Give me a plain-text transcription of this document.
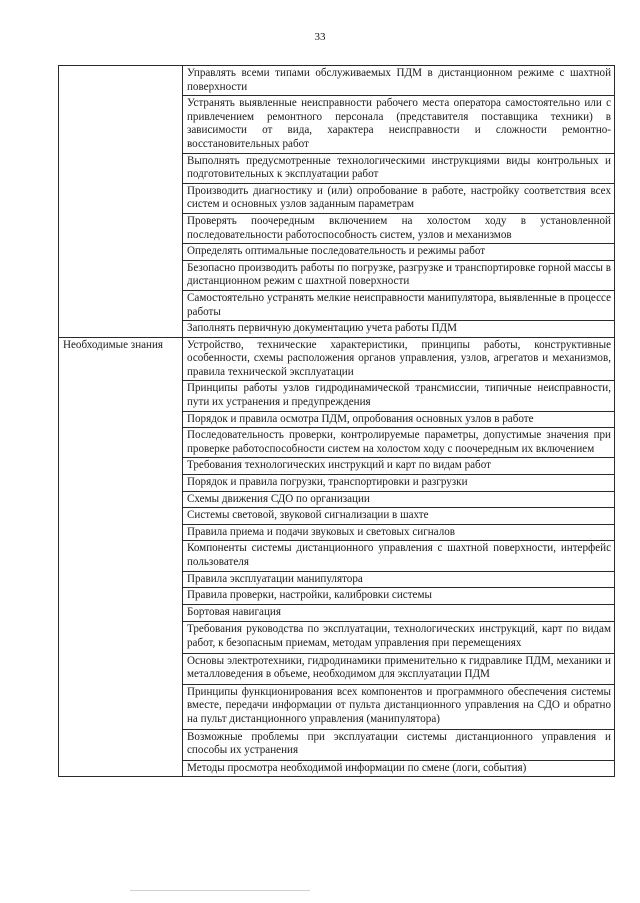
33
	Управлять всеми типами обслуживаемых ПДМ в дистанционном режиме с шахтной поверхности
	Устранять выявленные неисправности рабочего места оператора самостоятельно или с привлечением ремонтного персонала (представителя поставщика техники) в зависимости от вида, характера неисправности и сложности ремонтно-восстановительных работ
	Выполнять предусмотренные технологическими инструкциями виды контрольных и подготовительных к эксплуатации работ
	Производить диагностику и (или) опробование в работе, настройку соответствия всех систем и основных узлов заданным параметрам
	Проверять поочередным включением на холостом ходу в установленной последовательности работоспособность систем, узлов и механизмов
	Определять оптимальные последовательность и режимы работ
	Безопасно производить работы по погрузке, разгрузке и транспортировке горной массы в дистанционном режим с шахтной поверхности
	Самостоятельно устранять мелкие неисправности манипулятора, выявленные в процессе работы
	Заполнять первичную документацию учета работы ПДМ
Необходимые знания	Устройство, технические характеристики, принципы работы, конструктивные особенности, схемы расположения органов управления, узлов, агрегатов и механизмов, правила технической эксплуатации
	Принципы работы узлов гидродинамической трансмиссии, типичные неисправности, пути их устранения и предупреждения
	Порядок и правила осмотра ПДМ, опробования основных узлов в работе
	Последовательность проверки, контролируемые параметры, допустимые значения при проверке работоспособности систем на холостом ходу с поочередным их включением
	Требования технологических инструкций и карт по видам работ
	Порядок и правила погрузки, транспортировки и разгрузки
	Схемы движения СДО по организации
	Системы световой, звуковой сигнализации в шахте
	Правила приема и подачи звуковых и световых сигналов
	Компоненты системы дистанционного управления с шахтной поверхности, интерфейс пользователя
	Правила эксплуатации манипулятора
	Правила проверки, настройки, калибровки системы
	Бортовая навигация
	Требования руководства по эксплуатации, технологических инструкций, карт по видам работ, к безопасным приемам, методам управления при перемещениях
	Основы электротехники, гидродинамики применительно к гидравлике ПДМ, механики и металловедения в объеме, необходимом для эксплуатации ПДМ
	Принципы функционирования всех компонентов и программного обеспечения системы вместе, передачи информации от пульта дистанционного управления на СДО и обратно на пульт дистанционного управления (манипулятора)
	Возможные проблемы при эксплуатации системы дистанционного управления и способы их устранения
	Методы просмотра необходимой информации по смене (логи, события)
